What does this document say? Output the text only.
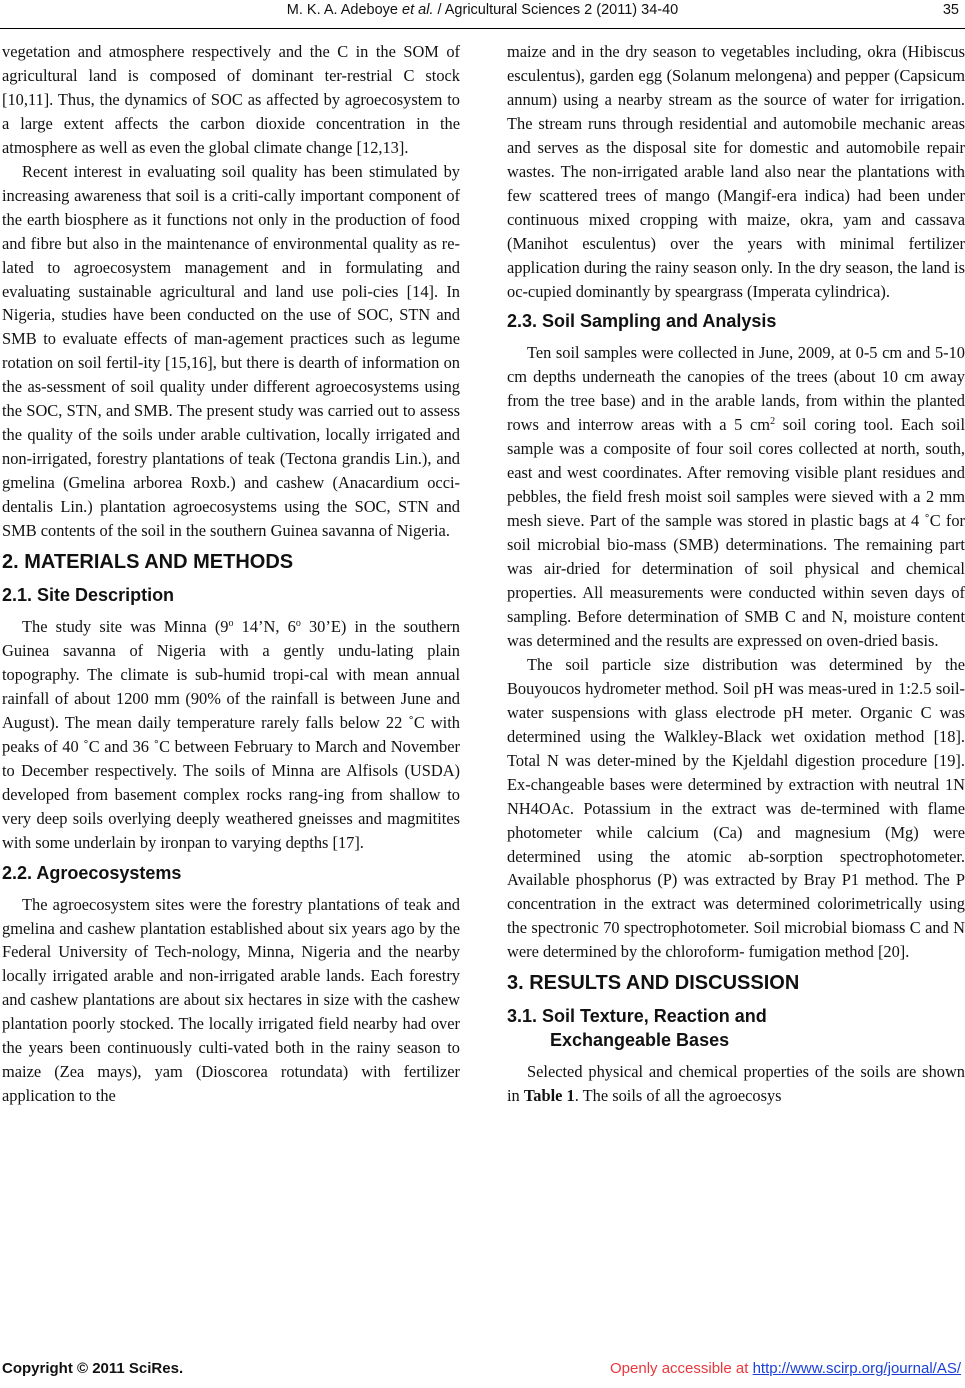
M. K. A. Adeboye et al. / Agricultural Sciences 2 (2011) 34-40	35

vegetation and atmosphere respectively and the C in the SOM of agricultural land is composed of dominant ter-restrial C stock [10,11]. Thus, the dynamics of SOC as affected by agroecosystem to a large extent affects the carbon dioxide concentration in the atmosphere as well as even the global climate change [12,13].

Recent interest in evaluating soil quality has been stimulated by increasing awareness that soil is a criti-cally important component of the earth biosphere as it functions not only in the production of food and fibre but also in the maintenance of environmental quality as re-lated to agroecosystem management and in formulating and evaluating sustainable agricultural and land use poli-cies [14]. In Nigeria, studies have been conducted on the use of SOC, STN and SMB to evaluate effects of man-agement practices such as legume rotation on soil fertil-ity [15,16], but there is dearth of information on the as-sessment of soil quality under different agroecosystems using the SOC, STN, and SMB. The present study was carried out to assess the quality of the soils under arable cultivation, locally irrigated and non-irrigated, forestry plantations of teak (Tectona grandis Lin.), and gmelina (Gmelina arborea Roxb.) and cashew (Anacardium occi-dentalis Lin.) plantation agroecosystems using the SOC, STN and SMB contents of the soil in the southern Guinea savanna of Nigeria.

2. MATERIALS AND METHODS
2.1. Site Description

The study site was Minna (9$^o$ 14’N, 6$^o$ 30’E) in the southern Guinea savanna of Nigeria with a gently undu-lating plain topography. The climate is sub-humid tropi-cal with mean annual rainfall of about 1200 mm (90% of the rainfall is between June and August). The mean daily temperature rarely falls below 22 ˚C with peaks of 40 ˚C and 36 ˚C between February to March and November to December respectively. The soils of Minna are Alfisols (USDA) developed from basement complex rocks rang-ing from shallow to very deep soils overlying deeply weathered gneisses and magmitites with some underlain by ironpan to varying depths [17].

2.2. Agroecosystems

The agroecosystem sites were the forestry plantations of teak and gmelina and cashew plantation established about six years ago by the Federal University of Tech-nology, Minna, Nigeria and the nearby locally irrigated arable and non-irrigated arable lands. Each forestry and cashew plantations are about six hectares in size with the cashew plantation poorly stocked. The locally irrigated field nearby had over the years been continuously culti-vated both in the rainy season to maize (Zea mays), yam (Dioscorea rotundata) with fertilizer application to the

maize and in the dry season to vegetables including, okra (Hibiscus esculentus), garden egg (Solanum melongena) and pepper (Capsicum annum) using a nearby stream as the source of water for irrigation. The stream runs through residential and automobile mechanic areas and serves as the disposal site for domestic and automobile repair wastes. The non-irrigated arable land also near the plantations with few scattered trees of mango (Mangif-era indica) had been under continuous mixed cropping with maize, okra, yam and cassava (Manihot esculentus) over the years with minimal fertilizer application during the rainy season only. In the dry season, the land is oc-cupied dominantly by speargrass (Imperata cylindrica).

2.3. Soil Sampling and Analysis

Ten soil samples were collected in June, 2009, at 0-5 cm and 5-10 cm depths underneath the canopies of the trees (about 10 cm away from the tree base) and in the arable lands, from within the planted rows and interrow areas with a 5 $cm^2$ soil coring tool. Each soil sample was a composite of four soil cores collected at north, south, east and west coordinates. After removing visible plant residues and pebbles, the field fresh moist soil samples were sieved with a 2 mm mesh sieve. Part of the sample was stored in plastic bags at 4 ˚C for soil microbial bio-mass (SMB) determinations. The remaining part was air-dried for determination of soil physical and chemical properties. All measurements were conducted within seven days of sampling. Before determination of SMB C and N, moisture content was determined and the results are expressed on oven-dried basis.

The soil particle size distribution was determined by the Bouyoucos hydrometer method. Soil pH was meas-ured in 1:2.5 soil-water suspensions with glass electrode pH meter. Organic C was determined using the Walkley-Black wet oxidation method [18]. Total N was deter-mined by the Kjeldahl digestion procedure [19]. Ex-changeable bases were determined by extraction with neutral 1N NH4OAc. Potassium in the extract was de-termined with flame photometer while calcium (Ca) and magnesium (Mg) were determined using the atomic ab-sorption spectrophotometer. Available phosphorus (P) was extracted by Bray P1 method. The P concentration in the extract was determined colorimetrically using the spectronic 70 spectrophotometer. Soil microbial biomass C and N were determined by the chloroform- fumigation method [20].

3. RESULTS AND DISCUSSION
3.1. Soil Texture, Reaction and
Exchangeable Bases

Selected physical and chemical properties of the soils are shown in Table 1. The soils of all the agroecosys

Copyright © 2011 SciRes.	Openly accessible at http://www.scirp.org/journal/AS/
